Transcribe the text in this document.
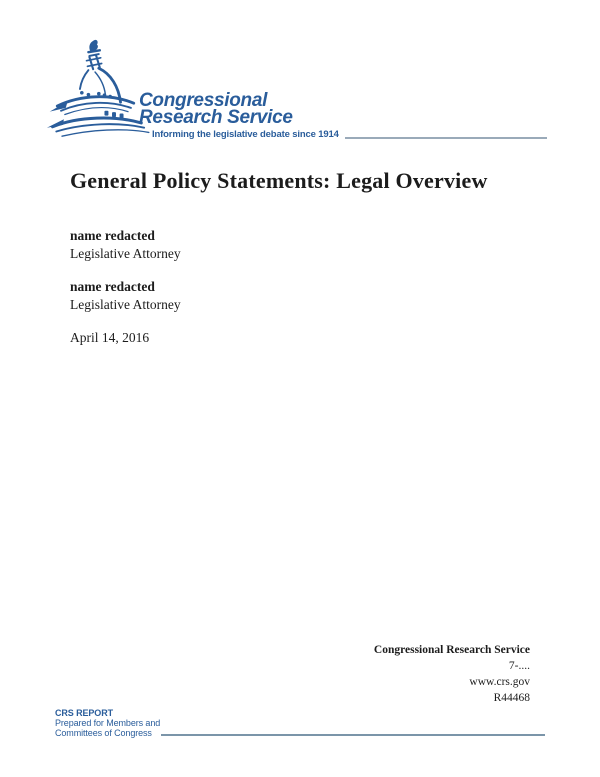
Congressional
Research Service
Informing the legislative debate since 1914
General Policy Statements: Legal Overview

name redacted

Legislative Attorney

name redacted

Legislative Attorney

April 14, 2016

Congressional Research Service
7-....
www.crs.gov
R44468
CRS REPORT
Prepared for Members and
Committees of Congress
